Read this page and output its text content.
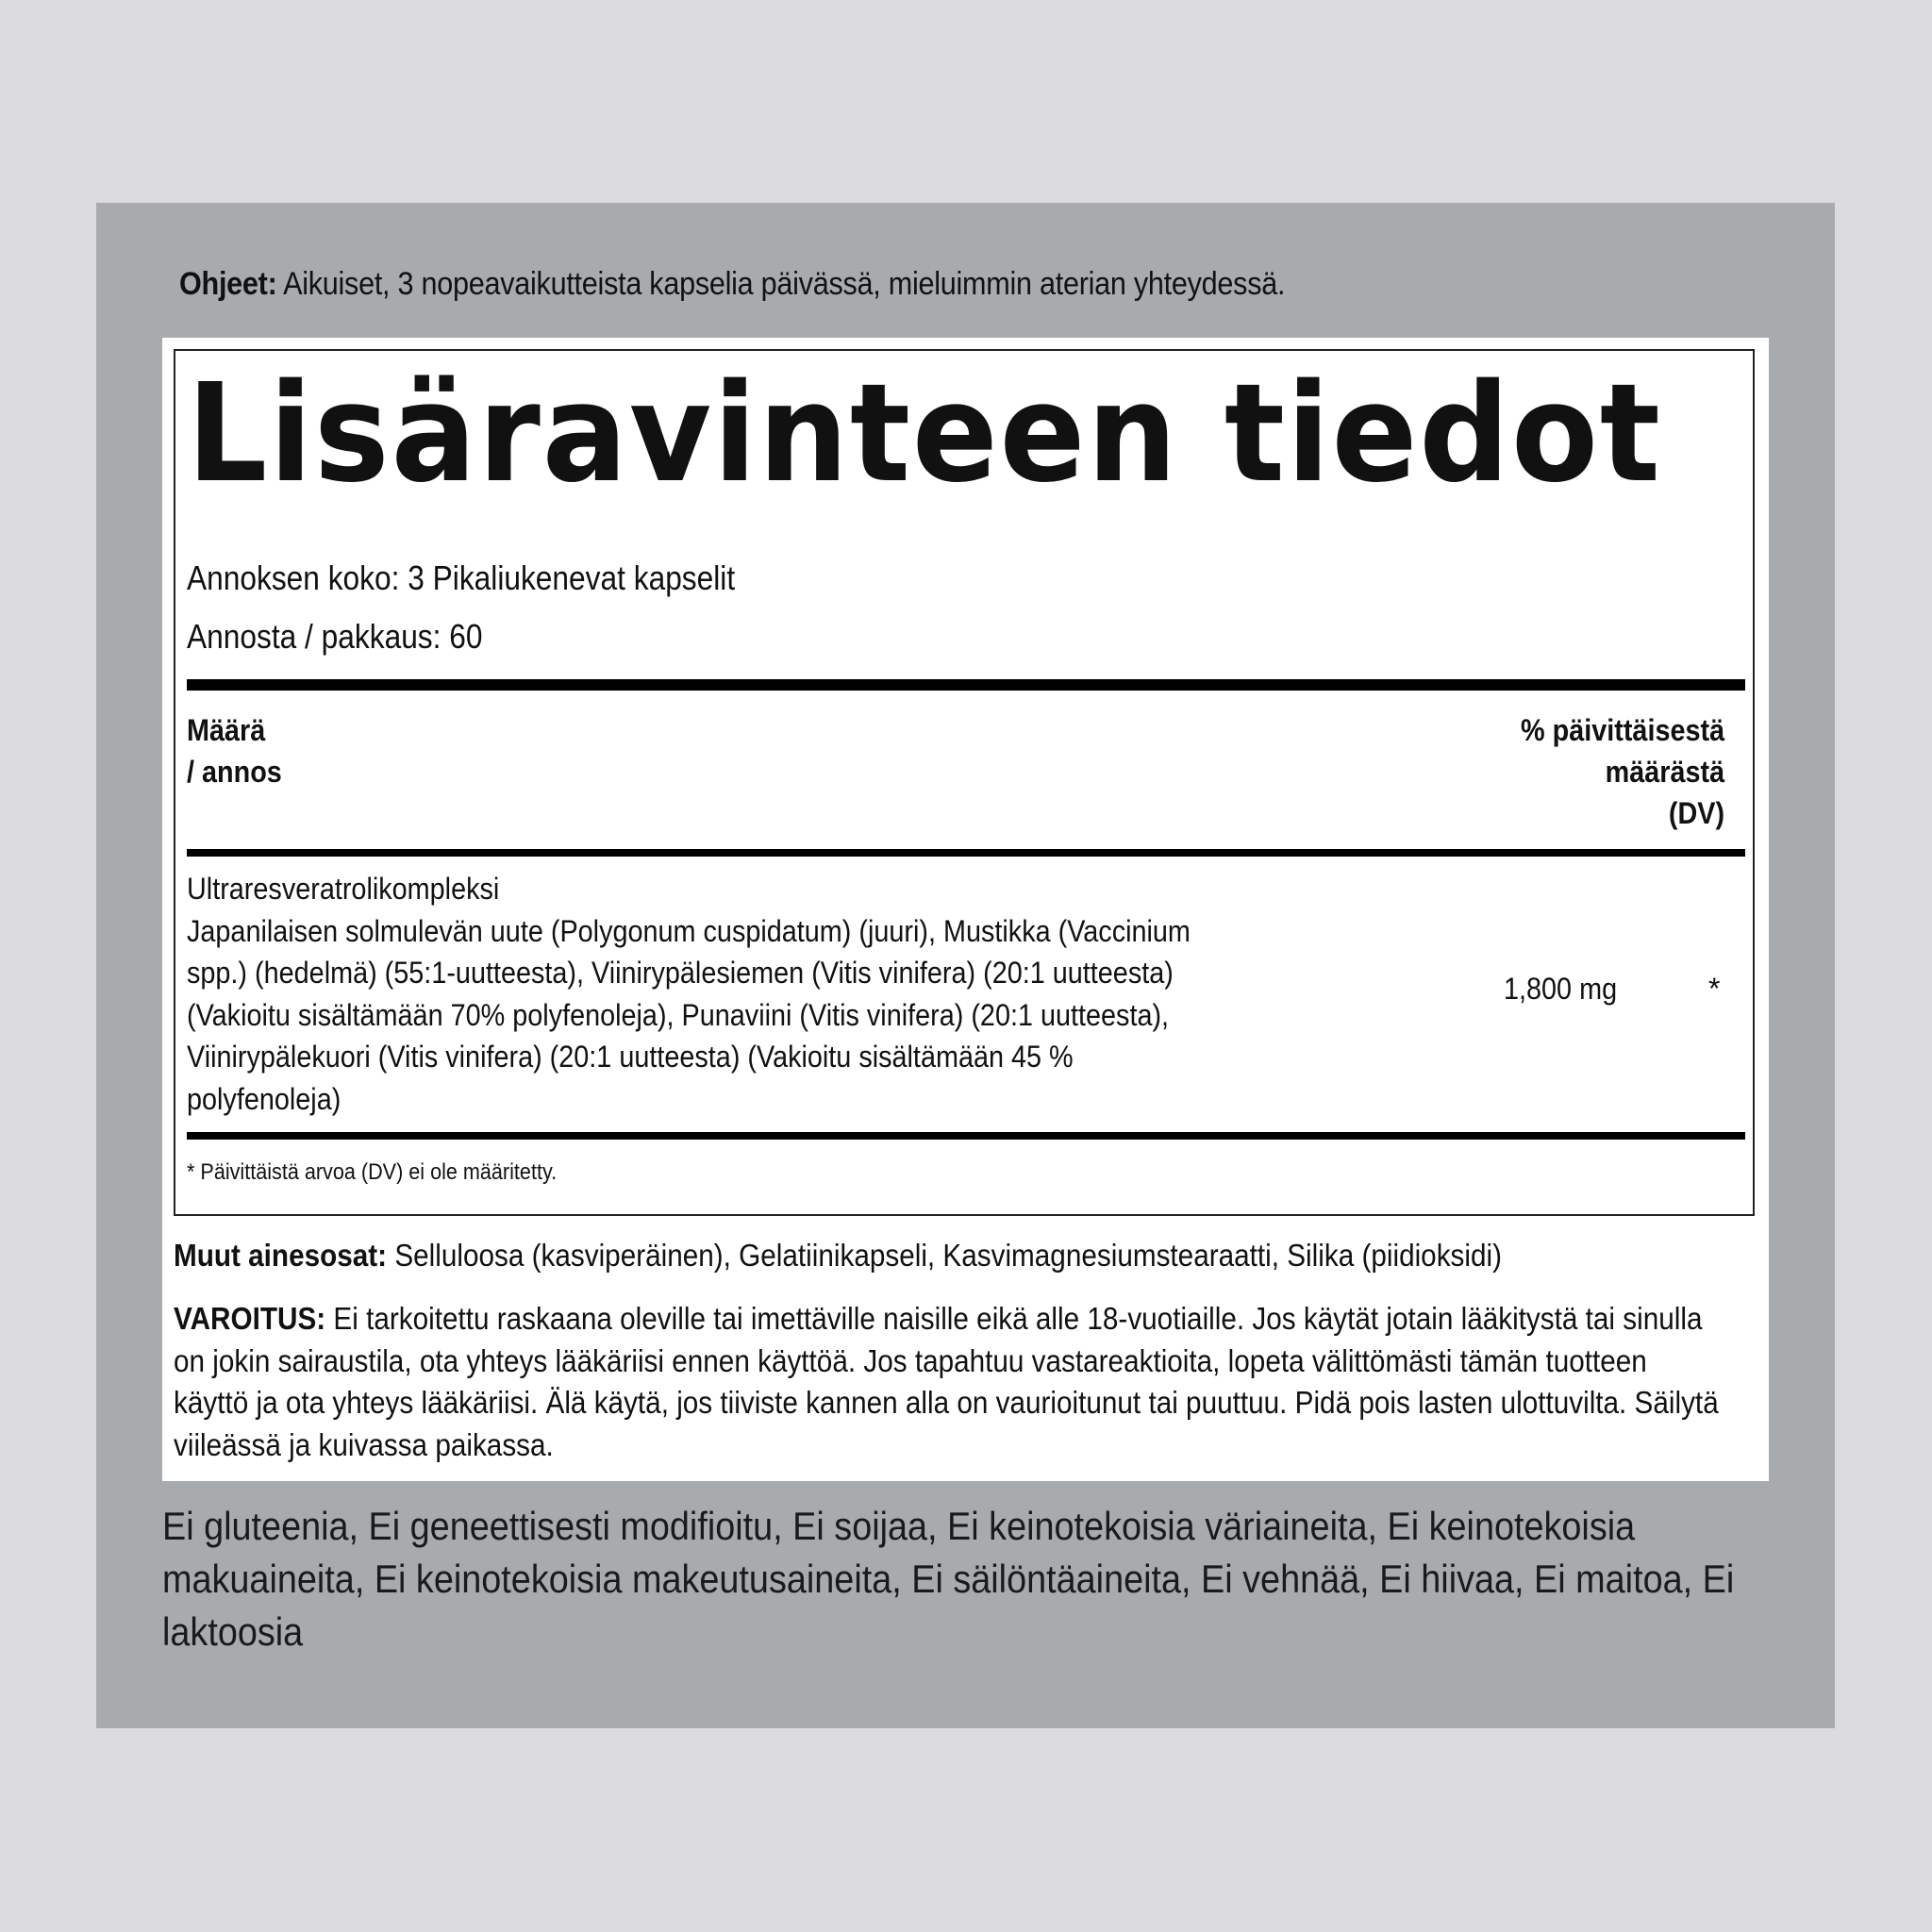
Ohjeet: Aikuiset, 3 nopeavaikutteista kapselia päivässä, mieluimmin aterian yhteydessä.
Lisäravinteen tiedot
Annoksen koko: 3 Pikaliukenevat kapselit
Annosta / pakkaus: 60
Määrä
/ annos
% päivittäisestä
määrästä
(DV)
Ultraresveratrolikompleksi
Japanilaisen solmulevän uute (Polygonum cuspidatum) (juuri), Mustikka (Vaccinium spp.) (hedelmä) (55:1-uutteesta), Viinirypälesiemen (Vitis vinifera) (20:1 uutteesta) (Vakioitu sisältämään 70% polyfenoleja), Punaviini (Vitis vinifera) (20:1 uutteesta), Viinirypälekuori (Vitis vinifera) (20:1 uutteesta) (Vakioitu sisältämään 45 % polyfenoleja)
1,800 mg	*
* Päivittäistä arvoa (DV) ei ole määritetty.
Muut ainesosat: Selluloosa (kasviperäinen), Gelatiinikapseli, Kasvimagnesiumstearaatti, Silika (piidioksidi)
VAROITUS: Ei tarkoitettu raskaana oleville tai imettäville naisille eikä alle 18-vuotiaille. Jos käytät jotain lääkitystä tai sinulla on jokin sairaustila, ota yhteys lääkäriisi ennen käyttöä. Jos tapahtuu vastareaktioita, lopeta välittömästi tämän tuotteen käyttö ja ota yhteys lääkäriisi. Älä käytä, jos tiiviste kannen alla on vaurioitunut tai puuttuu. Pidä pois lasten ulottuvilta. Säilytä viileässä ja kuivassa paikassa.
Ei gluteenia, Ei geneettisesti modifioitu, Ei soijaa, Ei keinotekoisia väriaineita, Ei keinotekoisia makuaineita, Ei keinotekoisia makeutusaineita, Ei säilöntäaineita, Ei vehnää, Ei hiivaa, Ei maitoa, Ei laktoosia
